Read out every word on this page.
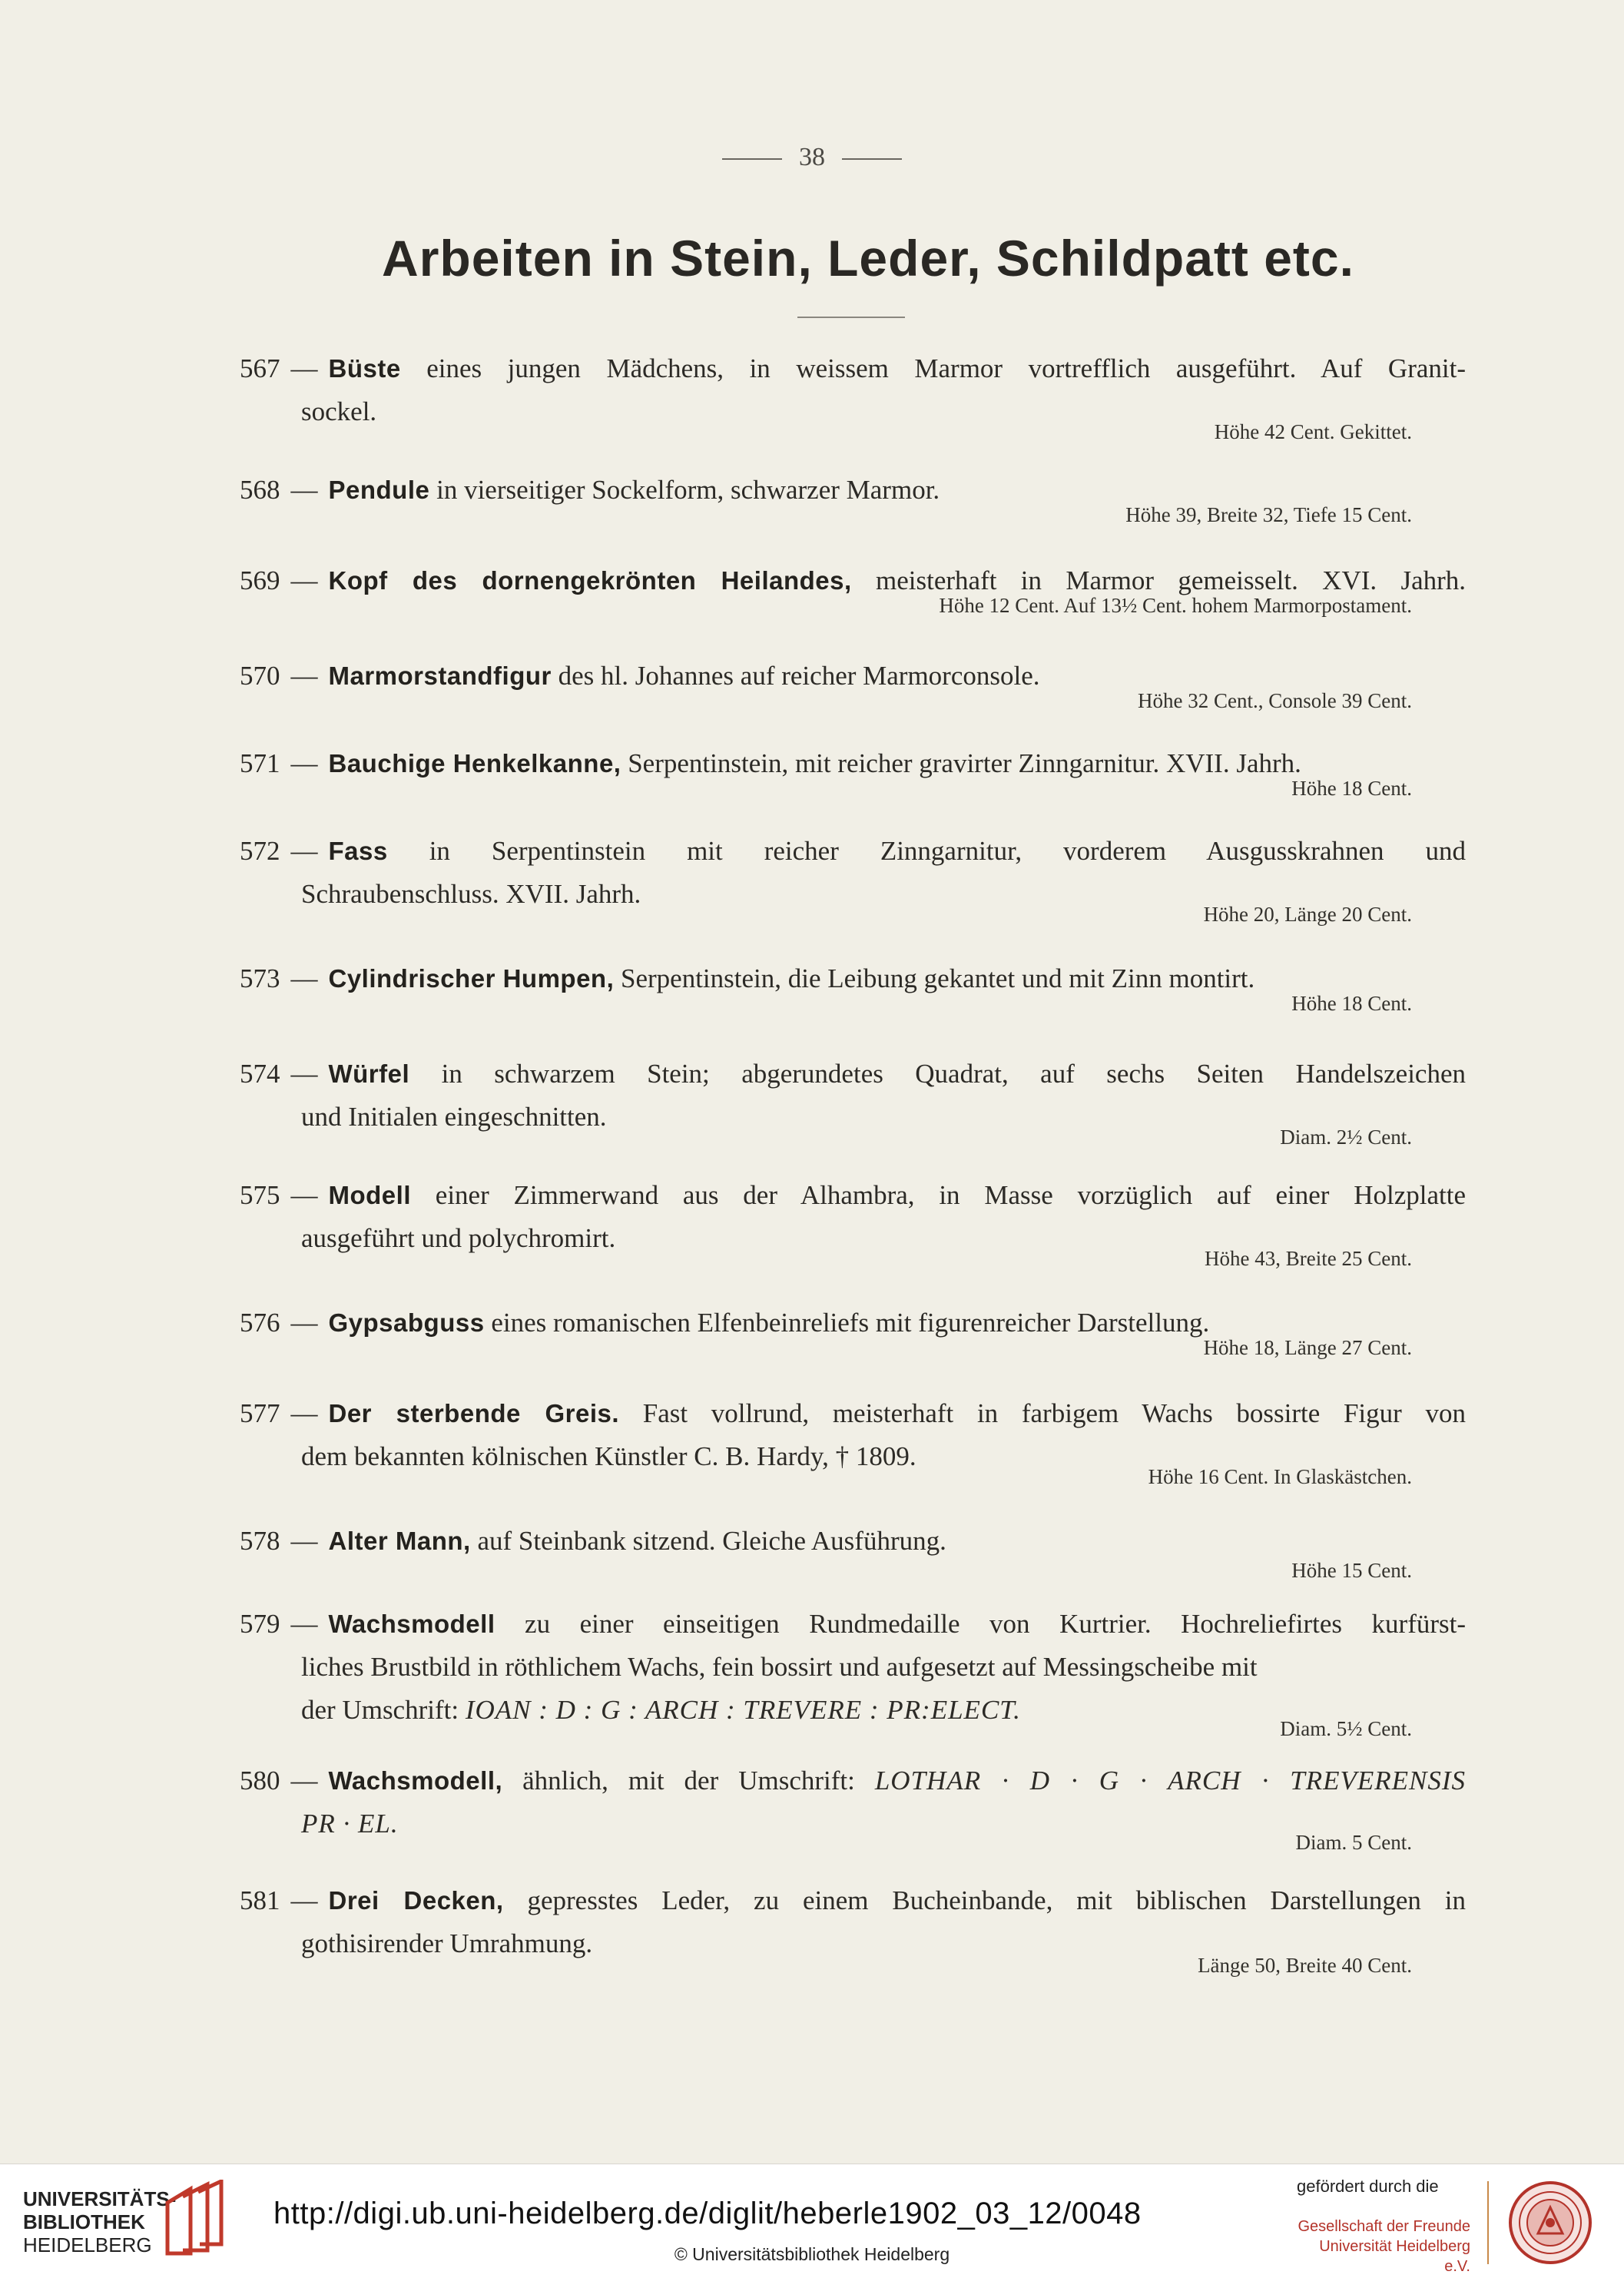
38
Arbeiten in Stein, Leder, Schildpatt etc.
567 — Büste eines jungen Mädchens, in weissem Marmor vortrefflich ausgeführt. Auf Granit-
sockel.
Höhe 42 Cent. Gekittet.
568 — Pendule in vierseitiger Sockelform, schwarzer Marmor.
Höhe 39, Breite 32, Tiefe 15 Cent.
569 — Kopf des dornengekrönten Heilandes, meisterhaft in Marmor gemeisselt. XVI. Jahrh.
Höhe 12 Cent. Auf 13½ Cent. hohem Marmorpostament.
570 — Marmorstandfigur des hl. Johannes auf reicher Marmorconsole.
Höhe 32 Cent., Console 39 Cent.
571 — Bauchige Henkelkanne, Serpentinstein, mit reicher gravirter Zinngarnitur. XVII. Jahrh.
Höhe 18 Cent.
572 — Fass in Serpentinstein mit reicher Zinngarnitur, vorderem Ausgusskrahnen und
Schraubenschluss. XVII. Jahrh.
Höhe 20, Länge 20 Cent.
573 — Cylindrischer Humpen, Serpentinstein, die Leibung gekantet und mit Zinn montirt.
Höhe 18 Cent.
574 — Würfel in schwarzem Stein; abgerundetes Quadrat, auf sechs Seiten Handelszeichen
und Initialen eingeschnitten.
Diam. 2½ Cent.
575 — Modell einer Zimmerwand aus der Alhambra, in Masse vorzüglich auf einer Holzplatte
ausgeführt und polychromirt.
Höhe 43, Breite 25 Cent.
576 — Gypsabguss eines romanischen Elfenbeinreliefs mit figurenreicher Darstellung.
Höhe 18, Länge 27 Cent.
577 — Der sterbende Greis. Fast vollrund, meisterhaft in farbigem Wachs bossirte Figur von
dem bekannten kölnischen Künstler C. B. Hardy, † 1809.
Höhe 16 Cent. In Glaskästchen.
578 — Alter Mann, auf Steinbank sitzend. Gleiche Ausführung.
Höhe 15 Cent.
579 — Wachsmodell zu einer einseitigen Rundmedaille von Kurtrier. Hochreliefirtes kurfürst-
liches Brustbild in röthlichem Wachs, fein bossirt und aufgesetzt auf Messingscheibe mit
der Umschrift: IOAN : D : G : ARCH : TREVERE : PR:ELECT.
Diam. 5½ Cent.
580 — Wachsmodell, ähnlich, mit der Umschrift: LOTHAR · D · G · ARCH · TREVERENSIS
PR · EL.
Diam. 5 Cent.
581 — Drei Decken, gepresstes Leder, zu einem Bucheinbande, mit biblischen Darstellungen in
gothisirender Umrahmung.
Länge 50, Breite 40 Cent.
UNIVERSITÄTS-
BIBLIOTHEK
HEIDELBERG
http://digi.ub.uni-heidelberg.de/diglit/heberle1902_03_12/0048
© Universitätsbibliothek Heidelberg
gefördert durch die
Gesellschaft der Freunde
Universität Heidelberg e.V.
